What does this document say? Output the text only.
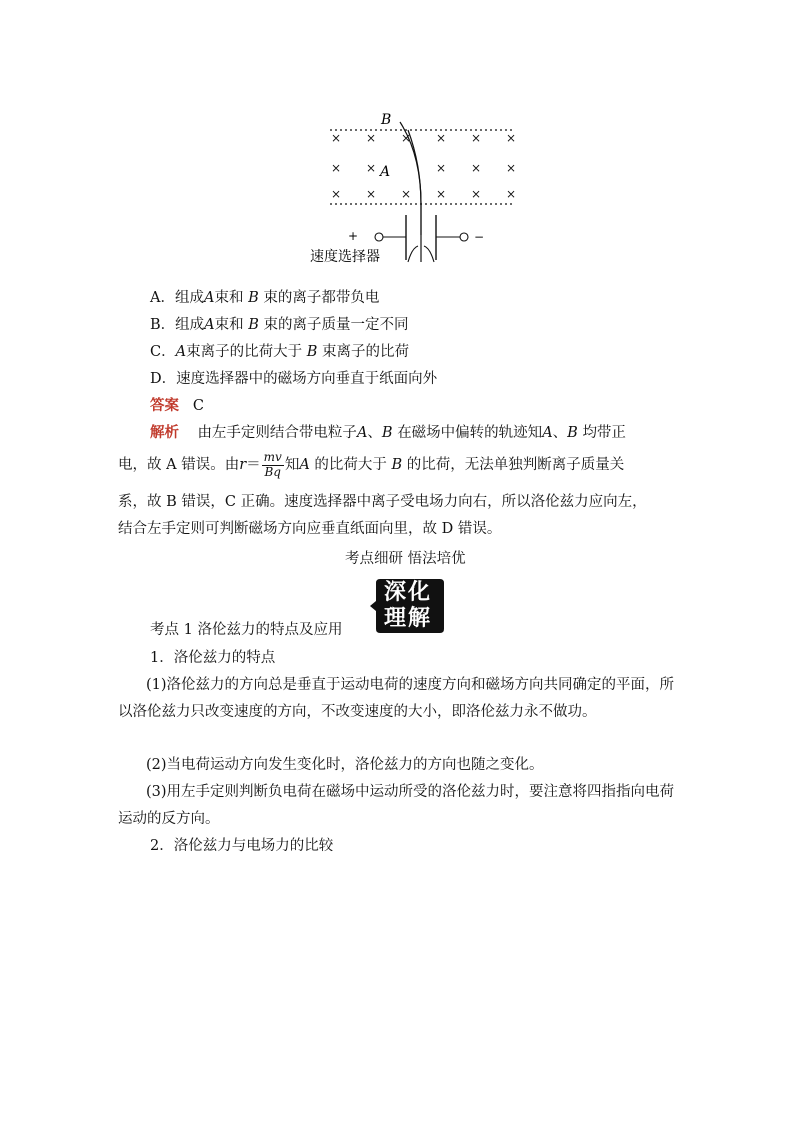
× × × × × ×
× ×	× × ×
× × × × × ×
B
A
+	−
速度选择器
A．组成A束和 B 束的离子都带负电
B．组成A束和 B 束的离子质量一定不同
C．A束离子的比荷大于 B 束离子的比荷
D．速度选择器中的磁场方向垂直于纸面向外
答案 C
解析 由左手定则结合带电粒子A、B 在磁场中偏转的轨迹知A、B 均带正
电，故 A 错误。由$r= \frac{mv}{Bq}$ 知A 的比荷大于 B 的比荷，无法单独判断离子质量关
系，故 B 错误，C 正确。速度选择器中离子受电场力向右，所以洛伦兹力应向左，
结合左手定则可判断磁场方向应垂直纸面向里，故 D 错误。
考点细研 悟法培优
深化
理解
考点 1 洛伦兹力的特点及应用
1．洛伦兹力的特点
(1)洛伦兹力的方向总是垂直于运动电荷的速度方向和磁场方向共同确定的平面，所以洛伦兹力只改变速度的方向，不改变速度的大小，即洛伦兹力永不做功。
(2)当电荷运动方向发生变化时，洛伦兹力的方向也随之变化。
(3)用左手定则判断负电荷在磁场中运动所受的洛伦兹力时，要注意将四指指向电荷运动的反方向。
2．洛伦兹力与电场力的比较
